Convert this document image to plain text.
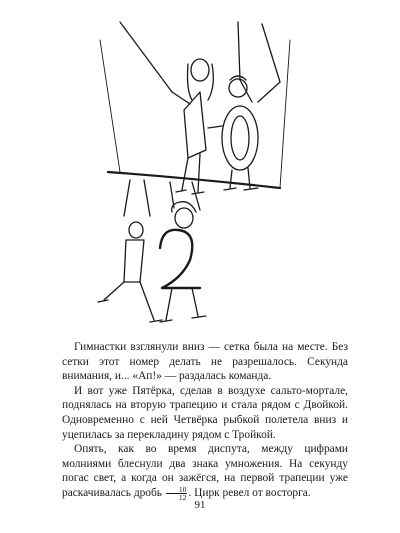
Гимнастки взглянули вниз — сетка была на месте. Без сетки этот номер делать не разрешалось. Секунда внимания, и... «Ап!» — раздалась команда.

И вот уже Пятёрка, сделав в воздухе сальто-мортале, поднялась на вторую трапецию и стала рядом с Двойкой. Одновременно с ней Четвёрка рыбкой полетела вниз и уцепилась за перекладину рядом с Тройкой.

Опять, как во время диспута, между цифрами молниями блеснули два знака умножения. На секунду погас свет, а когда он зажёгся, на первой трапеции уже раскачивалась дробь $\frac{10}{12}$ . Цирк ревел от восторга.

91
